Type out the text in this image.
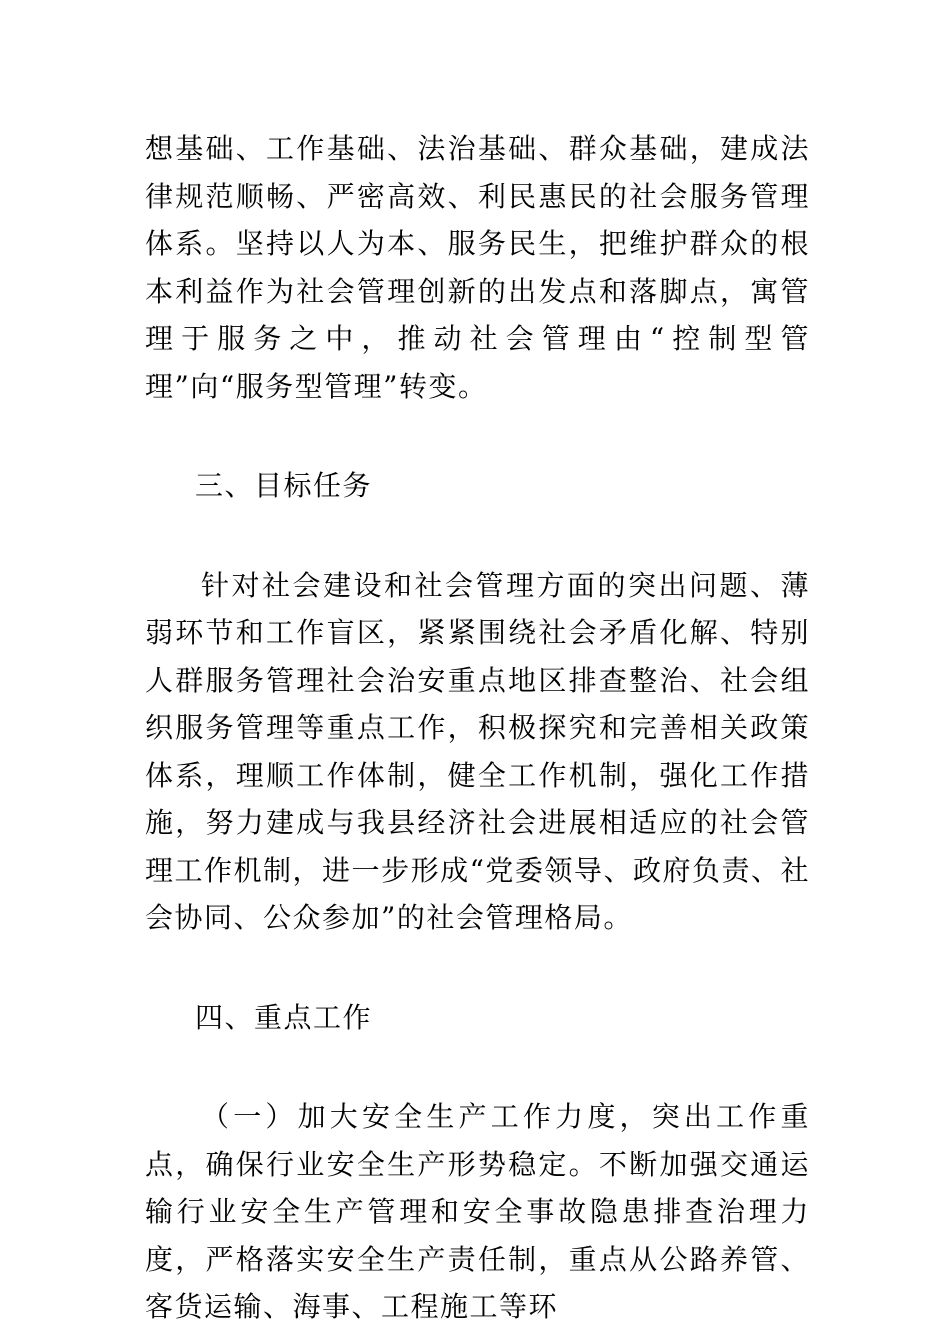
想基础、工作基础、法治基础、群众基础，建成法律规范顺畅、严密高效、利民惠民的社会服务管理体系。坚持以人为本、服务民生，把维护群众的根本利益作为社会管理创新的出发点和落脚点，寓管理于服务之中，推动社会管理由“控制型管理”向“服务型管理”转变。

三、目标任务

针对社会建设和社会管理方面的突出问题、薄弱环节和工作盲区，紧紧围绕社会矛盾化解、特别人群服务管理社会治安重点地区排查整治、社会组织服务管理等重点工作，积极探究和完善相关政策体系，理顺工作体制，健全工作机制，强化工作措施，努力建成与我县经济社会进展相适应的社会管理工作机制，进一步形成“党委领导、政府负责、社会协同、公众参加”的社会管理格局。

四、重点工作

（一）加大安全生产工作力度，突出工作重点，确保行业安全生产形势稳定。不断加强交通运输行业安全生产管理和安全事故隐患排查治理力度，严格落实安全生产责任制，重点从公路养管、客货运输、海事、工程施工等环
